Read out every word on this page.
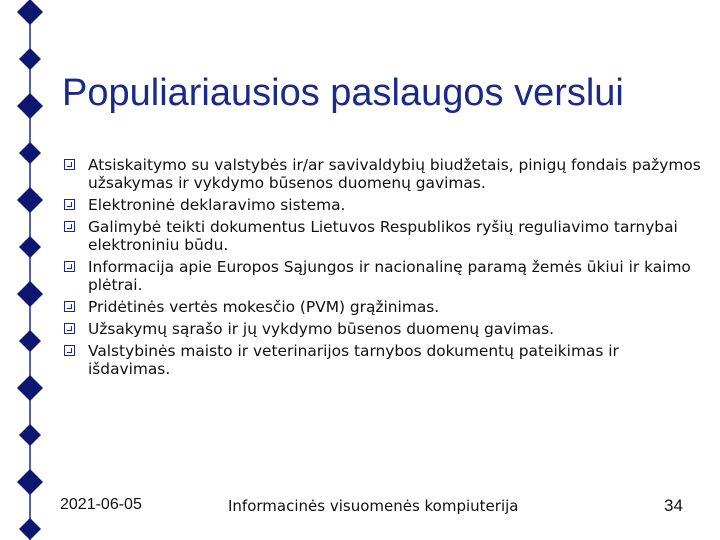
Populiariausios paslaugos verslui
Atsiskaitymo su valstybės ir/ar savivaldybių biudžetais, pinigų fondais pažymos užsakymas ir vykdymo būsenos duomenų gavimas.
Elektroninė deklaravimo sistema.
Galimybė teikti dokumentus Lietuvos Respublikos ryšių reguliavimo tarnybai elektroniniu būdu.
Informacija apie Europos Sąjungos ir nacionalinę paramą žemės ūkiui ir kaimo plėtrai.
Pridėtinės vertės mokesčio (PVM) grąžinimas.
Užsakymų sąrašo ir jų vykdymo būsenos duomenų gavimas.
Valstybinės maisto ir veterinarijos tarnybos dokumentų pateikimas ir išdavimas.
2021-06-05	Informacinės visuomenės kompiuterija	34
